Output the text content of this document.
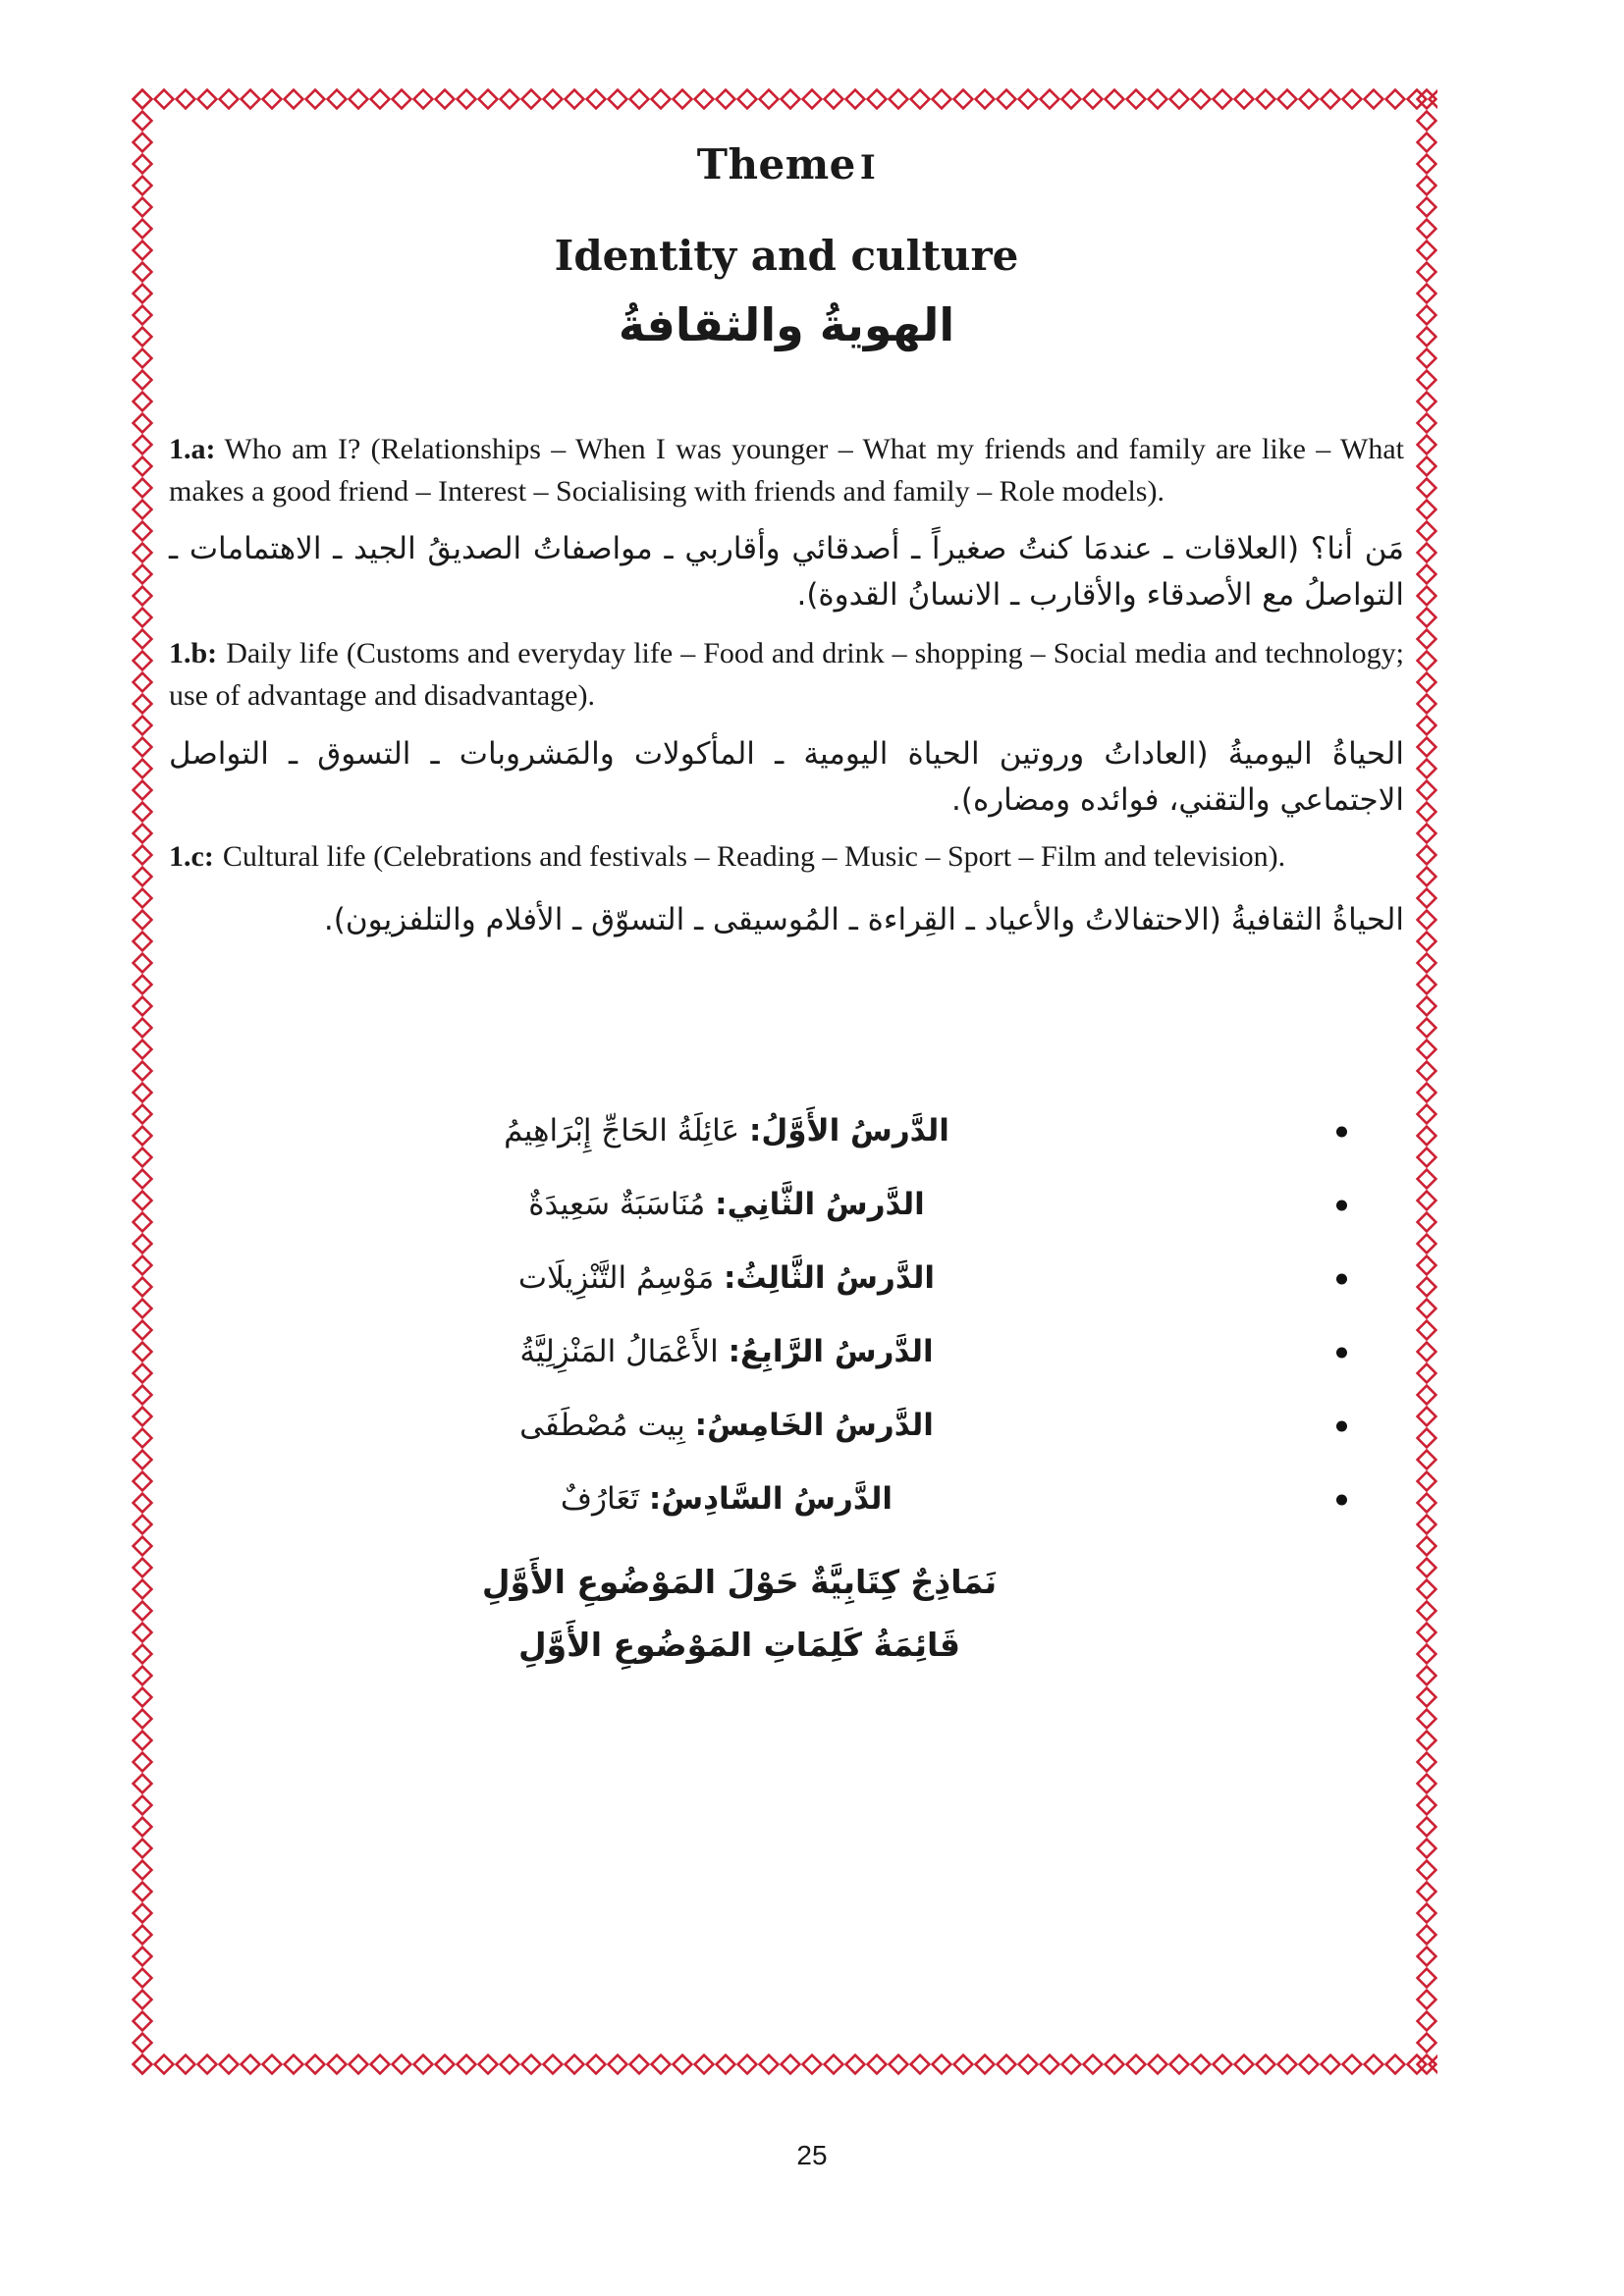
Theme I
Identity and culture
الهويةُ والثقافةُ

1.a: Who am I? (Relationships – When I was younger – What my friends and family are like – What makes a good friend – Interest – Socialising with friends and family – Role models).

مَن أنا؟ (العلاقات ـ عندمَا كنتُ صغيراً ـ أصدقائي وأقاربي ـ مواصفاتُ الصديقُ الجيد ـ الاهتمامات ـ التواصلُ مع الأصدقاء والأقارب ـ الانسانُ القدوة).

1.b: Daily life (Customs and everyday life – Food and drink – shopping – Social media and technology; use of advantage and disadvantage).

الحياةُ اليوميةُ (العاداتُ وروتين الحياة اليومية ـ المأكولات والمَشروبات ـ التسوق ـ التواصل الاجتماعي والتقني، فوائده ومضاره).

1.c: Cultural life (Celebrations and festivals – Reading – Music – Sport – Film and television).

الحياةُ الثقافيةُ (الاحتفالاتُ والأعياد ـ القِراءة ـ المُوسيقى ـ التسوّق ـ الأفلام والتلفزيون).

الدَّرسُ الأَوَّلُ:​ عَائِلَةُ الحَاجِّ إِبْرَاهِيمُ
الدَّرسُ الثَّانِي:​ مُنَاسَبَةٌ سَعِيدَةٌ
الدَّرسُ الثَّالِثُ:​ مَوْسِمُ التَّنْزِيلَات
الدَّرسُ الرَّابِعُ:​ الأَعْمَالُ المَنْزِلِيَّةُ
الدَّرسُ الخَامِسُ:​ بِيت مُصْطَفَى
الدَّرسُ السَّادِسُ:​ تَعَارُفٌ

نَمَاذِجٌ كِتَابِيَّةٌ حَوْلَ المَوْضُوعِ الأَوَّلِ

قَائِمَةُ كَلِمَاتِ المَوْضُوعِ الأَوَّلِ

25
